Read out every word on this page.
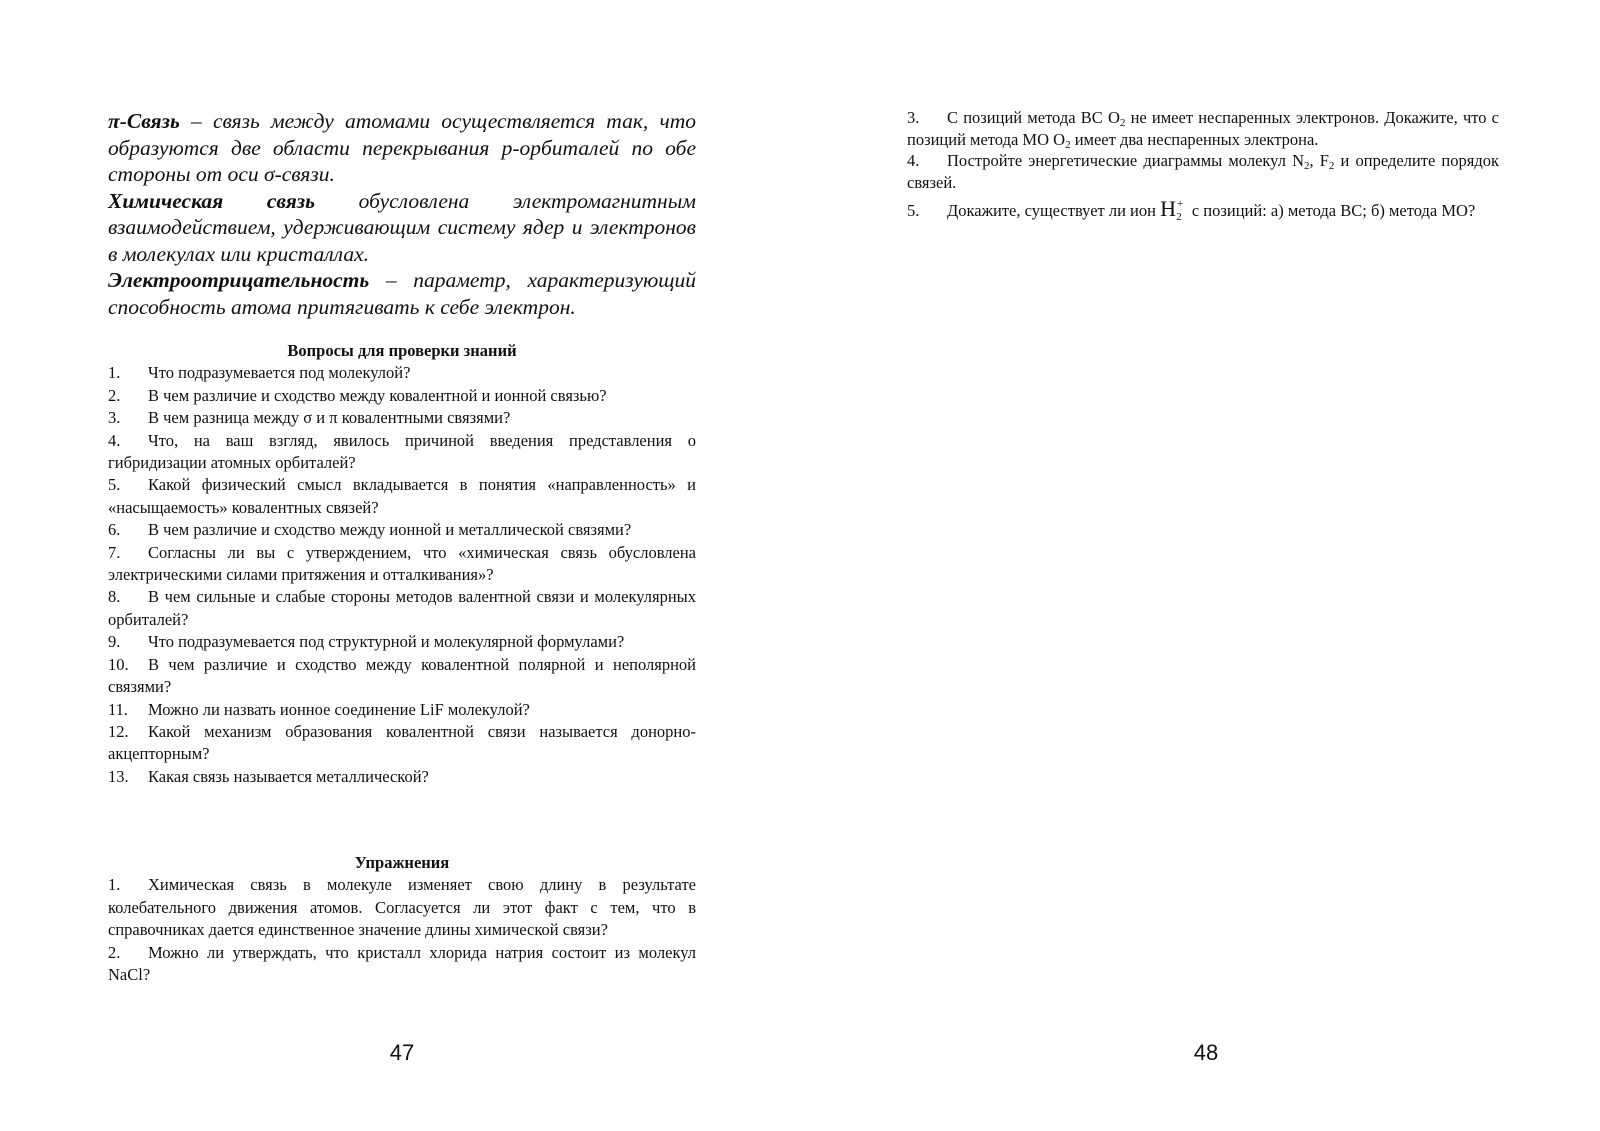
π-Связь – связь между атомами осуществляется так, что образуются две области перекрывания p-орбиталей по обе стороны от оси σ-связи.

Химическая связь обусловлена электромагнитным взаимодействием, удерживающим систему ядер и электронов в молекулах или кристаллах.

Электроотрицательность – параметр, характеризующий способность атома притягивать к себе электрон.

Вопросы для проверки знаний

1. Что подразумевается под молекулой?
2. В чем различие и сходство между ковалентной и ионной связью?
3. В чем разница между σ и π ковалентными связями?
4. Что, на ваш взгляд, явилось причиной введения представления о гибридизации атомных орбиталей?
5. Какой физический смысл вкладывается в понятия «направленность» и «насыщаемость» ковалентных связей?
6. В чем различие и сходство между ионной и металлической связями?
7. Согласны ли вы с утверждением, что «химическая связь обусловлена электрическими силами притяжения и отталкивания»?
8. В чем сильные и слабые стороны методов валентной связи и молекулярных орбиталей?
9. Что подразумевается под структурной и молекулярной формулами?
10. В чем различие и сходство между ковалентной полярной и неполярной связями?
11. Можно ли назвать ионное соединение LiF молекулой?
12. Какой механизм образования ковалентной связи называется донорно-акцепторным?
13. Какая связь называется металлической?

Упражнения

1. Химическая связь в молекуле изменяет свою длину в результате колебательного движения атомов. Согласуется ли этот факт с тем, что в справочниках дается единственное значение длины химической связи?
2. Можно ли утверждать, что кристалл хлорида натрия состоит из молекул NaCl?
47
3. С позиций метода ВС $O_2$ не имеет неспаренных электронов. Докажите, что с позиций метода МО $O_2$ имеет два неспаренных электрона.
4. Постройте энергетические диаграммы молекул $N_2$, $F_2$ и определите порядок связей.
5. Докажите, существует ли ион H+2 с позиций: а) метода ВС; б) метода МО?
48
